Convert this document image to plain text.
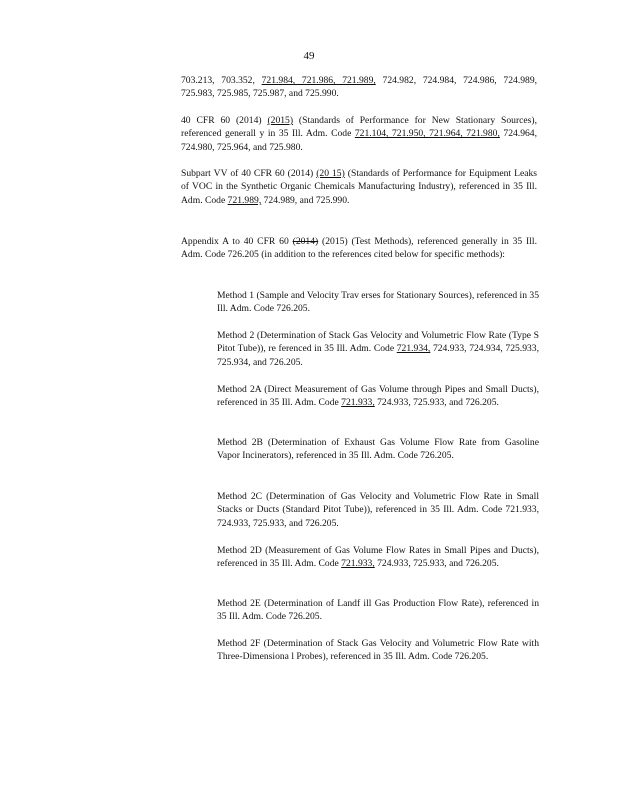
49
703.213, 703.352, 721.984, 721.986, 721.989, 724.982, 724.984, 724.986, 724.989, 725.983, 725.985, 725.987, and 725.990.
40 CFR 60 (2014) (2015) (Standards of Performance for New Stationary Sources), referenced generall y in 35 Ill. Adm. Code 721.104, 721.950, 721.964, 721.980, 724.964, 724.980, 725.964, and 725.980.
Subpart VV of 40 CFR 60 (2014) (20 15) (Standards of Performance for Equipment Leaks of VOC in the Synthetic Organic Chemicals Manufacturing Industry), referenced in 35 Ill. Adm. Code 721.989, 724.989, and 725.990.
Appendix A to 40 CFR 60 (2014) (2015) (Test Methods), referenced generally in 35 Ill. Adm. Code 726.205 (in addition to the references cited below for specific methods):
Method 1 (Sample and Velocity Trav erses for Stationary Sources), referenced in 35 Ill. Adm. Code 726.205.
Method 2 (Determination of Stack Gas Velocity and Volumetric Flow Rate (Type S Pitot Tube)), re ferenced in 35 Ill. Adm. Code 721.934, 724.933, 724.934, 725.933, 725.934, and 726.205.
Method 2A (Direct Measurement of Gas Volume through Pipes and Small Ducts), referenced in 35 Ill. Adm. Code 721.933, 724.933, 725.933, and 726.205.
Method 2B (Determination of Exhaust Gas Volume Flow Rate from Gasoline Vapor Incinerators), referenced in 35 Ill. Adm. Code 726.205.
Method 2C (Determination of Gas Velocity and Volumetric Flow Rate in Small Stacks or Ducts (Standard Pitot Tube)), referenced in 35 Ill. Adm. Code 721.933, 724.933, 725.933, and 726.205.
Method 2D (Measurement of Gas Volume Flow Rates in Small Pipes and Ducts), referenced in 35 Ill. Adm. Code 721.933, 724.933, 725.933, and 726.205.
Method 2E (Determination of Landf ill Gas Production Flow Rate), referenced in 35 Ill. Adm. Code 726.205.
Method 2F (Determination of Stack Gas Velocity and Volumetric Flow Rate with Three-Dimensiona l Probes), referenced in 35 Ill. Adm. Code 726.205.
